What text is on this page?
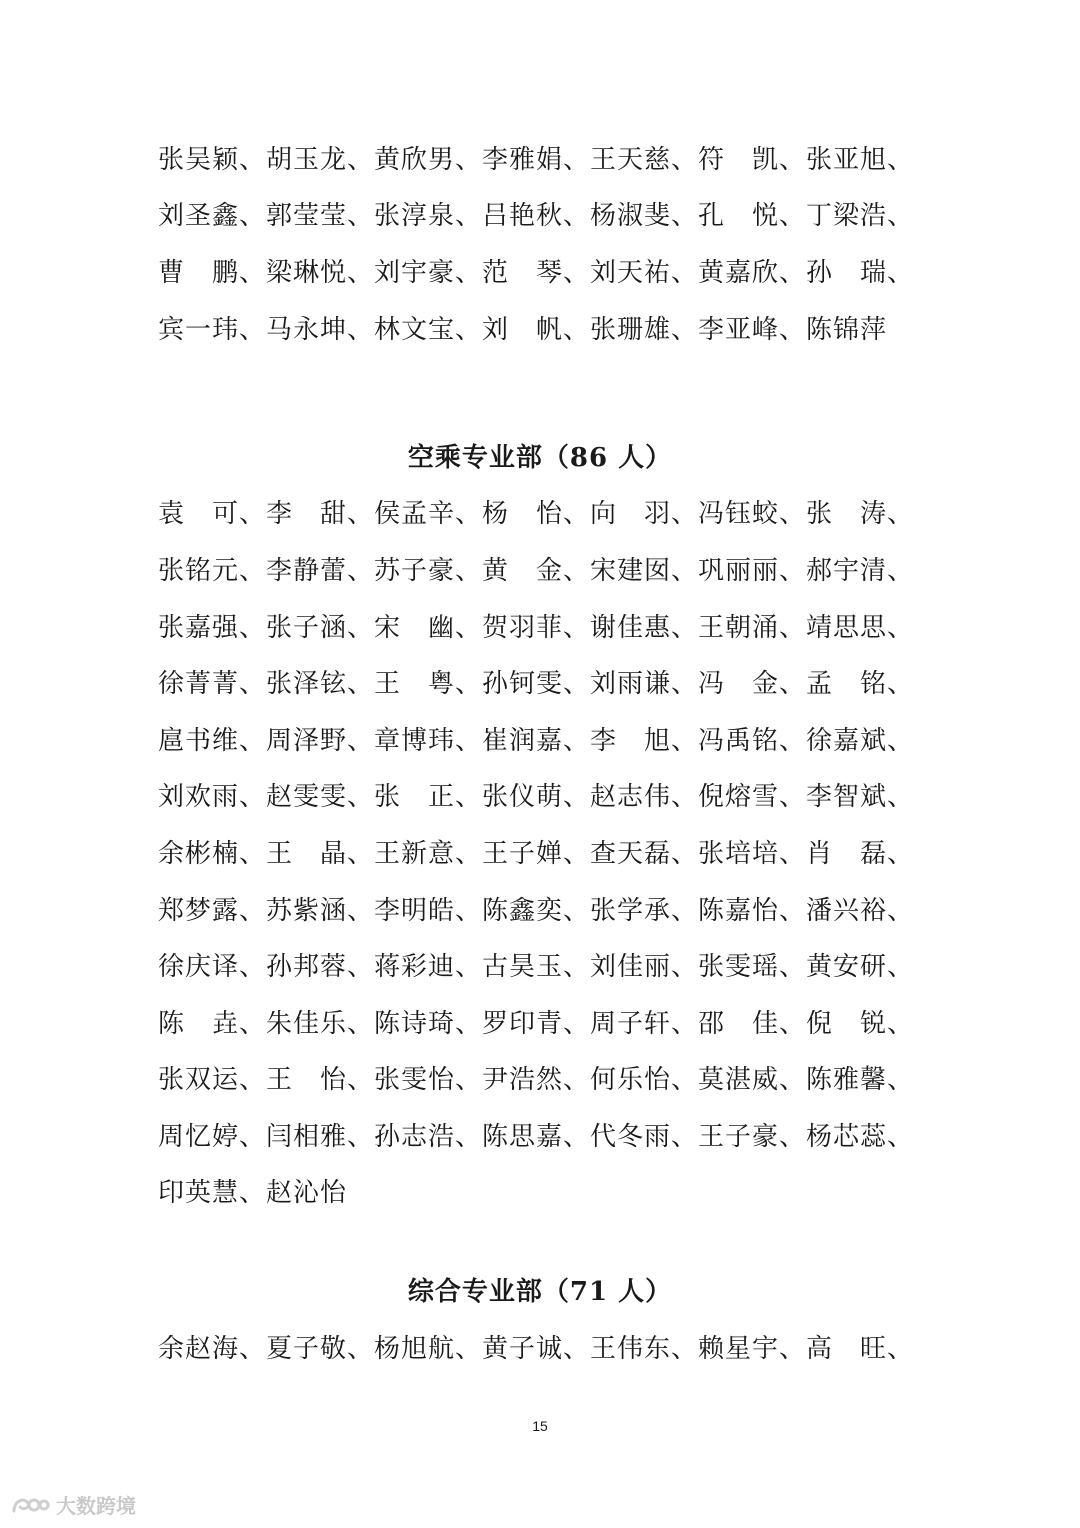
张吴颖、胡玉龙、黄欣男、李雅娟、王天慈、符　凯、张亚旭、
刘圣鑫、郭莹莹、张淳泉、吕艳秋、杨淑斐、孔　悦、丁梁浩、
曹　鹏、梁琳悦、刘宇豪、范　琴、刘天祐、黄嘉欣、孙　瑞、
宾一玮、马永坤、林文宝、刘　帆、张珊雄、李亚峰、陈锦萍
空乘专业部（86 人）
袁　可、李　甜、侯孟辛、杨　怡、向　羽、冯钰蛟、张　涛、
张铭元、李静蕾、苏子豪、黄　金、宋建囡、巩丽丽、郝宇清、
张嘉强、张子涵、宋　幽、贺羽菲、谢佳惠、王朝涌、靖思思、
徐菁菁、张泽铉、王　粤、孙钶雯、刘雨谦、冯　金、孟　铭、
扈书维、周泽野、章博玮、崔润嘉、李　旭、冯禹铭、徐嘉斌、
刘欢雨、赵雯雯、张　正、张仪萌、赵志伟、倪熔雪、李智斌、
余彬楠、王　晶、王新意、王子婵、查天磊、张培培、肖　磊、
郑梦露、苏紫涵、李明皓、陈鑫奕、张学承、陈嘉怡、潘兴裕、
徐庆译、孙邦蓉、蒋彩迪、古昊玉、刘佳丽、张雯瑶、黄安研、
陈　垚、朱佳乐、陈诗琦、罗印青、周子轩、邵　佳、倪　锐、
张双运、王　怡、张雯怡、尹浩然、何乐怡、莫湛威、陈雅馨、
周忆婷、闫相雅、孙志浩、陈思嘉、代冬雨、王子豪、杨芯蕊、
印英慧、赵沁怡
综合专业部（71 人）
余赵海、夏子敬、杨旭航、黄子诚、王伟东、赖星宇、高　旺、
15
大数跨境
